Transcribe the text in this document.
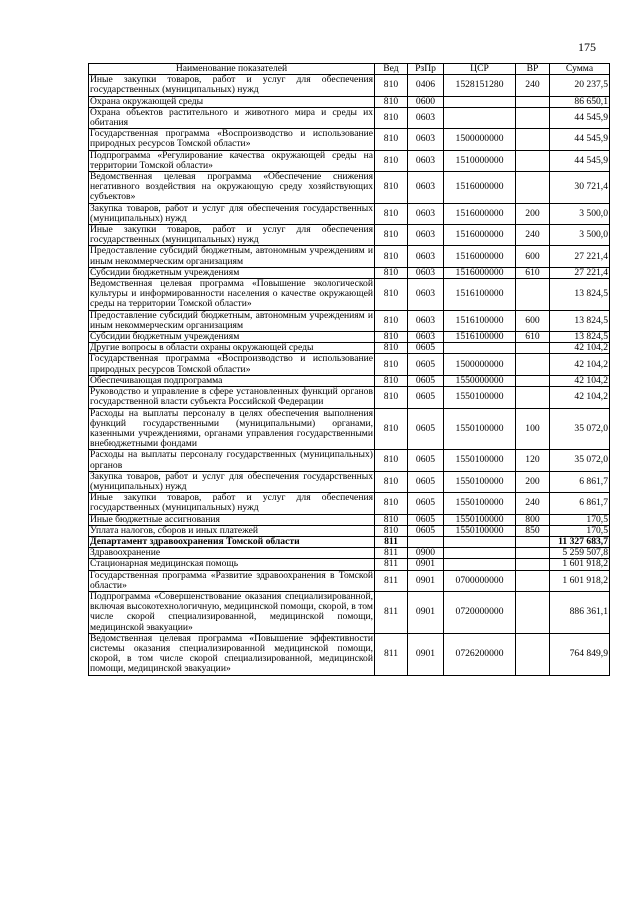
175
Наименование показателей	Вед	РзПр	ЦСР	ВР	Сумма
Иные закупки товаров, работ и услуг для обеспечения государственных (муниципальных) нужд	810	0406	1528151280	240	20 237,5
Охрана окружающей среды	810	0600			86 650,1
Охрана объектов растительного и животного мира и среды их обитания	810	0603			44 545,9
Государственная программа «Воспроизводство и использование природных ресурсов Томской области»	810	0603	1500000000		44 545,9
Подпрограмма «Регулирование качества окружающей среды на территории Томской области»	810	0603	1510000000		44 545,9
Ведомственная целевая программа «Обеспечение снижения негативного воздействия на окружающую среду хозяйствующих субъектов»	810	0603	1516000000		30 721,4
Закупка товаров, работ и услуг для обеспечения государственных (муниципальных) нужд	810	0603	1516000000	200	3 500,0
Иные закупки товаров, работ и услуг для обеспечения государственных (муниципальных) нужд	810	0603	1516000000	240	3 500,0
Предоставление субсидий бюджетным, автономным учреждениям и иным некоммерческим организациям	810	0603	1516000000	600	27 221,4
Субсидии бюджетным учреждениям	810	0603	1516000000	610	27 221,4
Ведомственная целевая программа «Повышение экологической культуры и информированности населения о качестве окружающей среды на территории Томской области»	810	0603	1516100000		13 824,5
Предоставление субсидий бюджетным, автономным учреждениям и иным некоммерческим организациям	810	0603	1516100000	600	13 824,5
Субсидии бюджетным учреждениям	810	0603	1516100000	610	13 824,5
Другие вопросы в области охраны окружающей среды	810	0605			42 104,2
Государственная программа «Воспроизводство и использование природных ресурсов Томской области»	810	0605	1500000000		42 104,2
Обеспечивающая подпрограмма	810	0605	1550000000		42 104,2
Руководство и управление в сфере установленных функций органов государственной власти субъекта Российской Федерации	810	0605	1550100000		42 104,2
Расходы на выплаты персоналу в целях обеспечения выполнения функций государственными (муниципальными) органами, казенными учреждениями, органами управления государственными внебюджетными фондами	810	0605	1550100000	100	35 072,0
Расходы на выплаты персоналу государственных (муниципальных) органов	810	0605	1550100000	120	35 072,0
Закупка товаров, работ и услуг для обеспечения государственных (муниципальных) нужд	810	0605	1550100000	200	6 861,7
Иные закупки товаров, работ и услуг для обеспечения государственных (муниципальных) нужд	810	0605	1550100000	240	6 861,7
Иные бюджетные ассигнования	810	0605	1550100000	800	170,5
Уплата налогов, сборов и иных платежей	810	0605	1550100000	850	170,5
Департамент здравоохранения Томской области	811				11 327 683,7
Здравоохранение	811	0900			5 259 507,8
Стационарная медицинская помощь	811	0901			1 601 918,2
Государственная программа «Развитие здравоохранения в Томской области»	811	0901	0700000000		1 601 918,2
Подпрограмма «Совершенствование оказания специализированной, включая высокотехнологичную, медицинской помощи, скорой, в том числе скорой специализированной, медицинской помощи, медицинской эвакуации»	811	0901	0720000000		886 361,1
Ведомственная целевая программа «Повышение эффективности системы оказания специализированной медицинской помощи, скорой, в том числе скорой специализированной, медицинской помощи, медицинской эвакуации»	811	0901	0726200000		764 849,9
